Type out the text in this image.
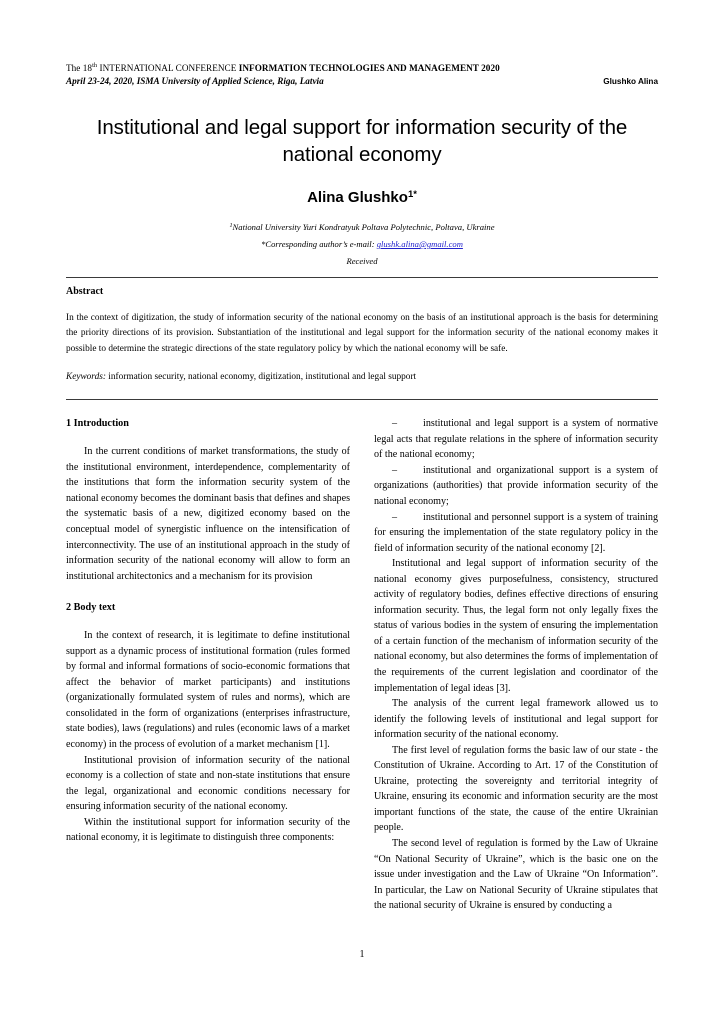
The 18th INTERNATIONAL CONFERENCE INFORMATION TECHNOLOGIES AND MANAGEMENT 2020
April 23-24, 2020, ISMA University of Applied Science, Riga, Latvia	Glushko Alina
Institutional and legal support for information security of the national economy
Alina Glushko$^{1*}$
$^1$National University Yuri Kondratyuk Poltava Polytechnic, Poltava, Ukraine
*Corresponding author’s e-mail: glushk.alina@gmail.com
Received
Abstract
In the context of digitization, the study of information security of the national economy on the basis of an institutional approach is the basis for determining the priority directions of its provision. Substantiation of the institutional and legal support for the information security of the national economy makes it possible to determine the strategic directions of the state regulatory policy by which the national economy will be safe.
Keywords: information security, national economy, digitization, institutional and legal support
1 Introduction

In the current conditions of market transformations, the study of the institutional environment, interdependence, complementarity of the institutions that form the information security system of the national economy becomes the dominant basis that defines and shapes the systematic basis of a new, digitized economy based on the conceptual model of synergistic influence on the intensification of interconnectivity. The use of an institutional approach in the study of information security of the national economy will allow to form an institutional architectonics and a mechanism for its provision

2 Body text

In the context of research, it is legitimate to define institutional support as a dynamic process of institutional formation (rules formed by formal and informal formations of socio-economic formations that affect the behavior of market participants) and institutions (organizationally formulated system of rules and norms), which are consolidated in the form of organizations (enterprises infrastructure, state bodies), laws (regulations) and rules (economic laws of a market economy) in the process of evolution of a market mechanism [1].

Institutional provision of information security of the national economy is a collection of state and non-state institutions that ensure the legal, organizational and economic conditions necessary for ensuring information security of the national economy.

Within the institutional support for information security of the national economy, it is legitimate to distinguish three components:

–	institutional and legal support is a system of normative legal acts that regulate relations in the sphere of information security of the national economy;

–	institutional and organizational support is a system of organizations (authorities) that provide information security of the national economy;

–	institutional and personnel support is a system of training for ensuring the implementation of the state regulatory policy in the field of information security of the national economy [2].

Institutional and legal support of information security of the national economy gives purposefulness, consistency, structured activity of regulatory bodies, defines effective directions of ensuring information security. Thus, the legal form not only legally fixes the status of various bodies in the system of ensuring the implementation of a certain function of the mechanism of information security of the national economy, but also determines the forms of implementation of the requirements of the current legislation and coordinator of the implementation of legal ideas [3].

The analysis of the current legal framework allowed us to identify the following levels of institutional and legal support for information security of the national economy.

The first level of regulation forms the basic law of our state - the Constitution of Ukraine. According to Art. 17 of the Constitution of Ukraine, protecting the sovereignty and territorial integrity of Ukraine, ensuring its economic and information security are the most important functions of the state, the cause of the entire Ukrainian people.

The second level of regulation is formed by the Law of Ukraine “On National Security of Ukraine”, which is the basic one on the issue under investigation and the Law of Ukraine “On Information”. In particular, the Law on National Security of Ukraine stipulates that the national security of Ukraine is ensured by conducting a

1
